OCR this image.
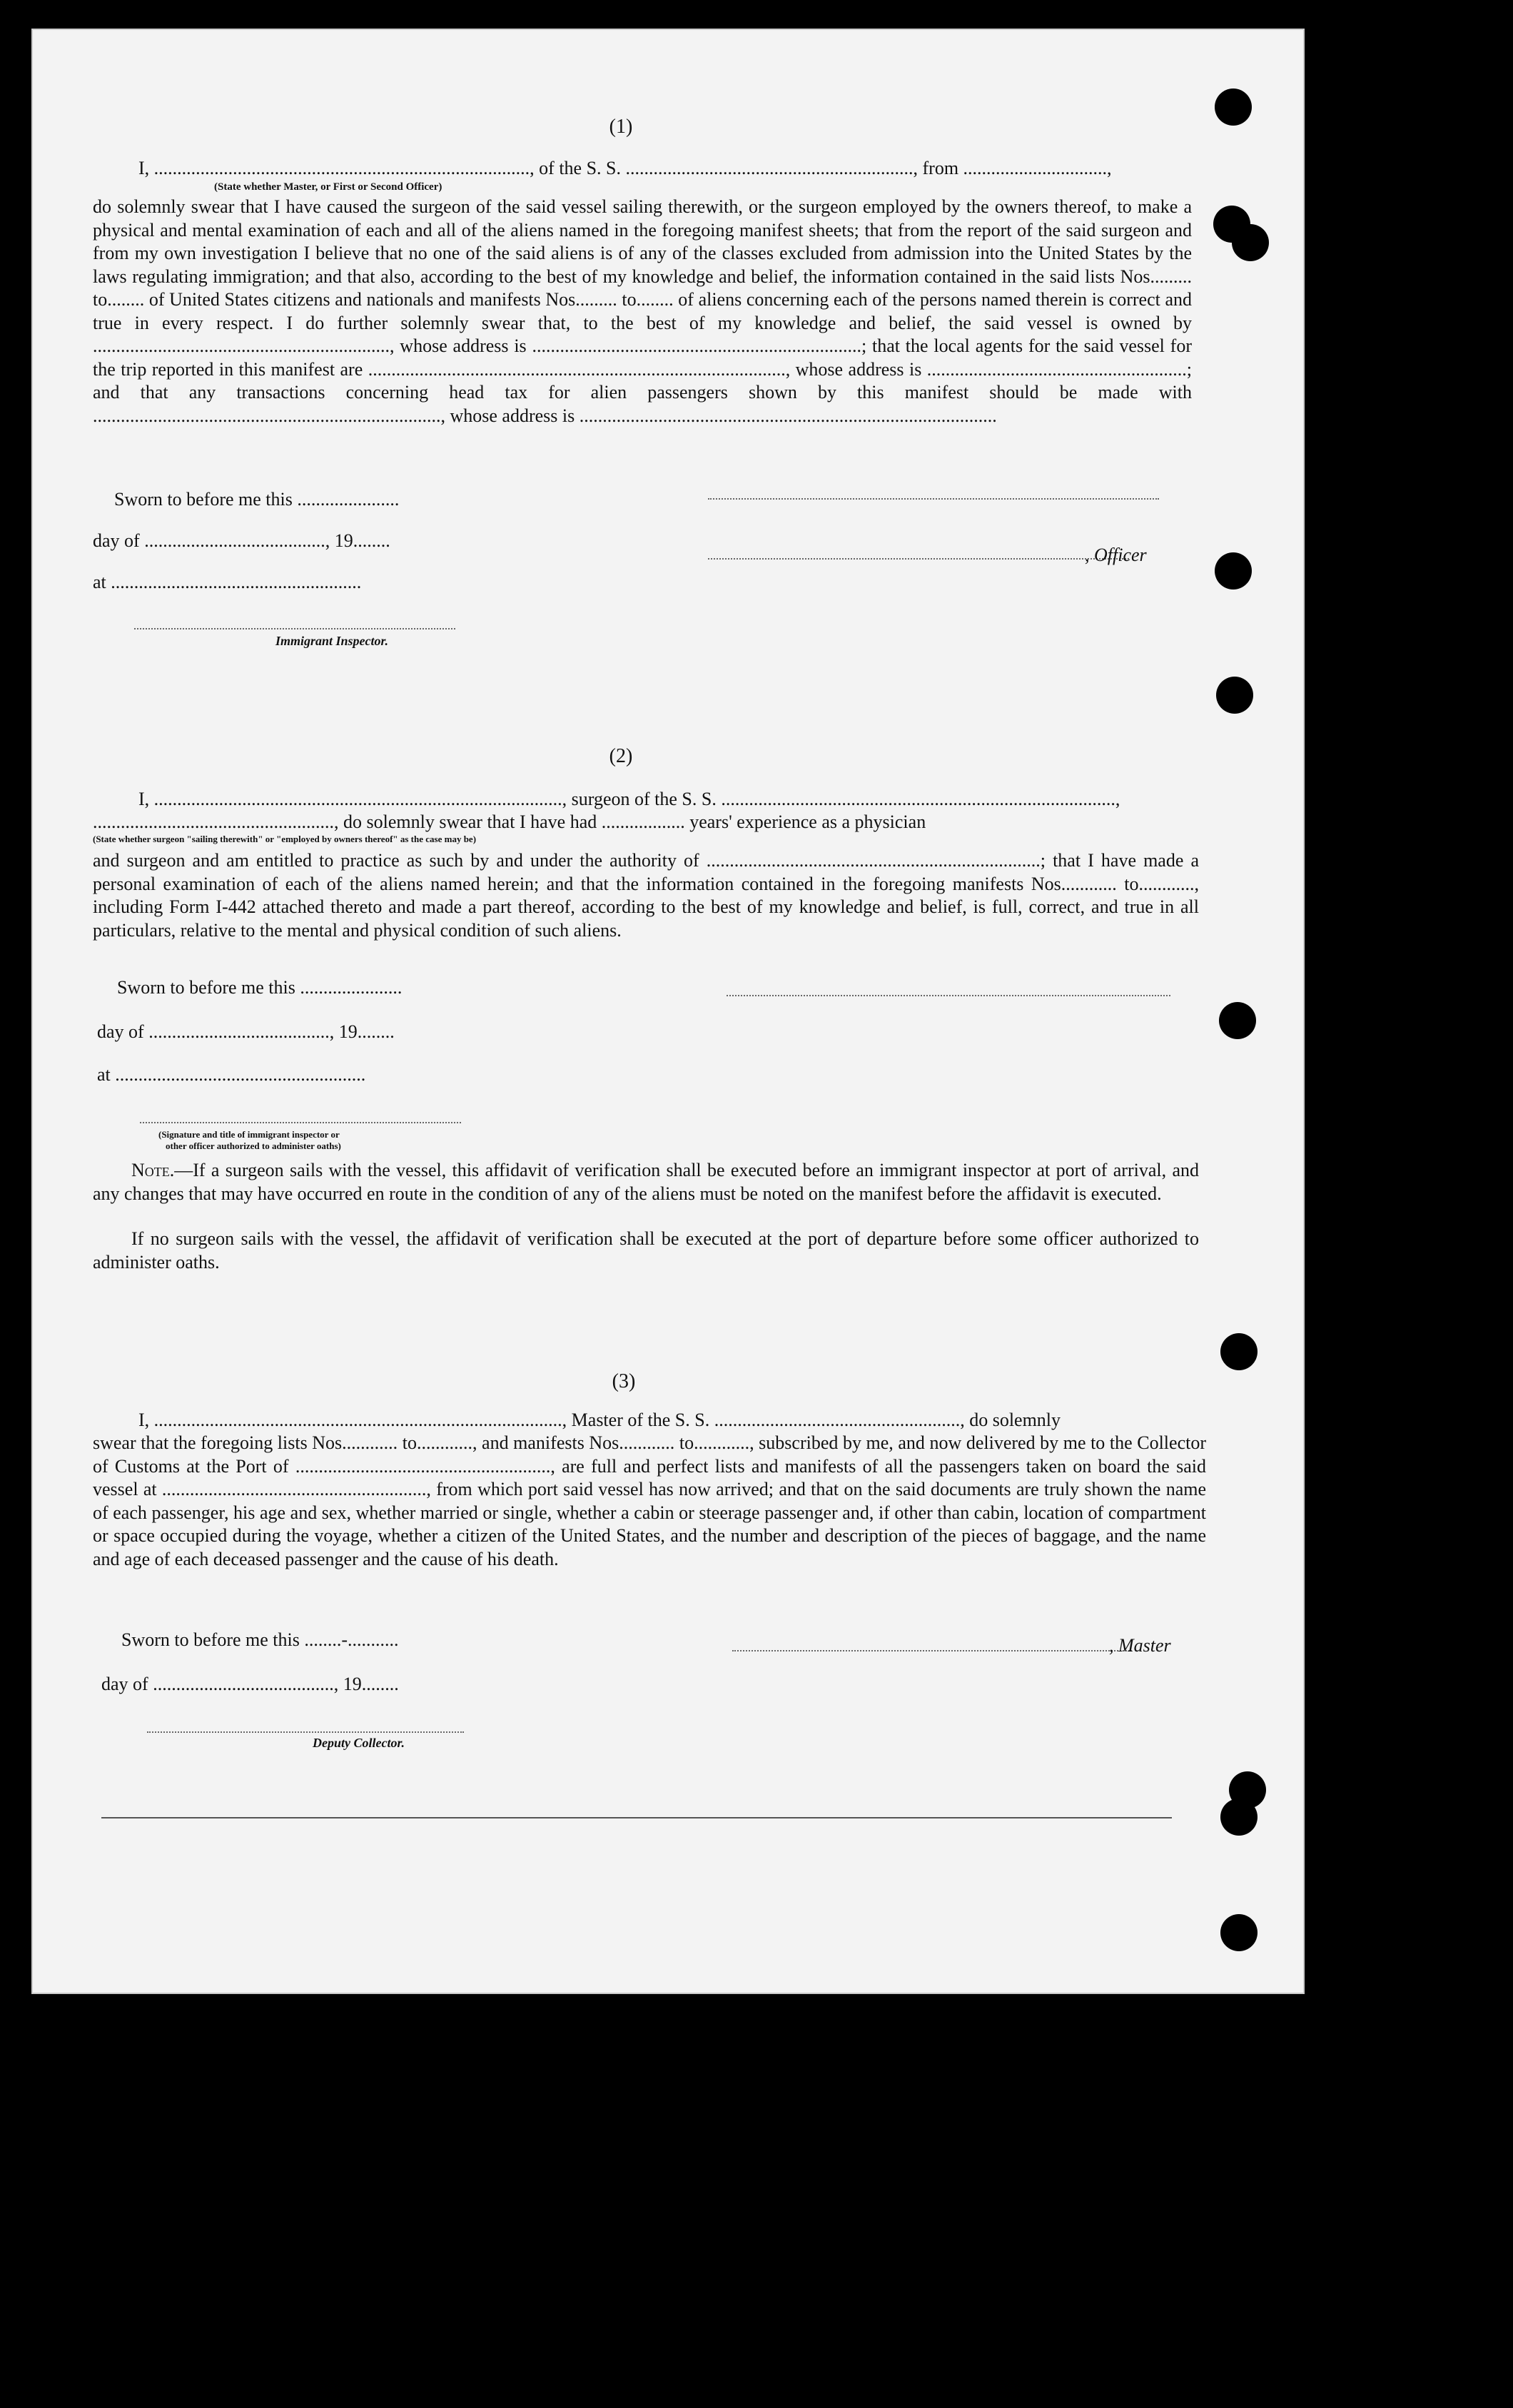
(1)
I, ................................................................................., of the S. S. .............................................................., from ...............................,
(State whether Master, or First or Second Officer)
do solemnly swear that I have caused the surgeon of the said vessel sailing therewith, or the surgeon employed by the owners thereof, to make a physical and mental examination of each and all of the aliens named in the foregoing manifest sheets; that from the report of the said surgeon and from my own investigation I believe that no one of the said aliens is of any of the classes excluded from admission into the United States by the laws regulating immigration; and that also, according to the best of my knowledge and belief, the information contained in the said lists Nos......... to........ of United States citizens and nationals and manifests Nos......... to........ of aliens concerning each of the persons named therein is correct and true in every respect. I do further solemnly swear that, to the best of my knowledge and belief, the said vessel is owned by ................................................................, whose address is .......................................................................; that the local agents for the said vessel for the trip reported in this manifest are .........................................................................................., whose address is ........................................................; and that any transactions concerning head tax for alien passengers shown by this manifest should be made with ..........................................................................., whose address is ..........................................................................................
Sworn to before me this ......................
day of ......................................., 19........
, Officer
at ......................................................
Immigrant Inspector.
(2)
I, ........................................................................................, surgeon of the S. S. .....................................................................................,
...................................................., do solemnly swear that I have had .................. years' experience as a physician
(State whether surgeon "sailing therewith" or "employed by owners thereof" as the case may be)
and surgeon and am entitled to practice as such by and under the authority of ........................................................................; that I have made a personal examination of each of the aliens named herein; and that the information contained in the foregoing manifests Nos............ to............, including Form I-442 attached thereto and made a part thereof, according to the best of my knowledge and belief, is full, correct, and true in all particulars, relative to the mental and physical condition of such aliens.
Sworn to before me this ......................
day of ......................................., 19........
at ......................................................
(Signature and title of immigrant inspector or
other officer authorized to administer oaths)
Note.—If a surgeon sails with the vessel, this affidavit of verification shall be executed before an immigrant inspector at port of arrival, and any changes that may have occurred en route in the condition of any of the aliens must be noted on the manifest before the affidavit is executed.
If no surgeon sails with the vessel, the affidavit of verification shall be executed at the port of departure before some officer authorized to administer oaths.
(3)
I, ........................................................................................, Master of the S. S. ....................................................., do solemnly
swear that the foregoing lists Nos............ to............, and manifests Nos............ to............, subscribed by me, and now delivered by me to the Collector of Customs at the Port of ......................................................., are full and perfect lists and manifests of all the passengers taken on board the said vessel at ........................................................., from which port said vessel has now arrived; and that on the said documents are truly shown the name of each passenger, his age and sex, whether married or single, whether a cabin or steerage passenger and, if other than cabin, location of compartment or space occupied during the voyage, whether a citizen of the United States, and the number and description of the pieces of baggage, and the name and age of each deceased passenger and the cause of his death.
Sworn to before me this ........-...........	, Master
day of ......................................., 19........
Deputy Collector.
